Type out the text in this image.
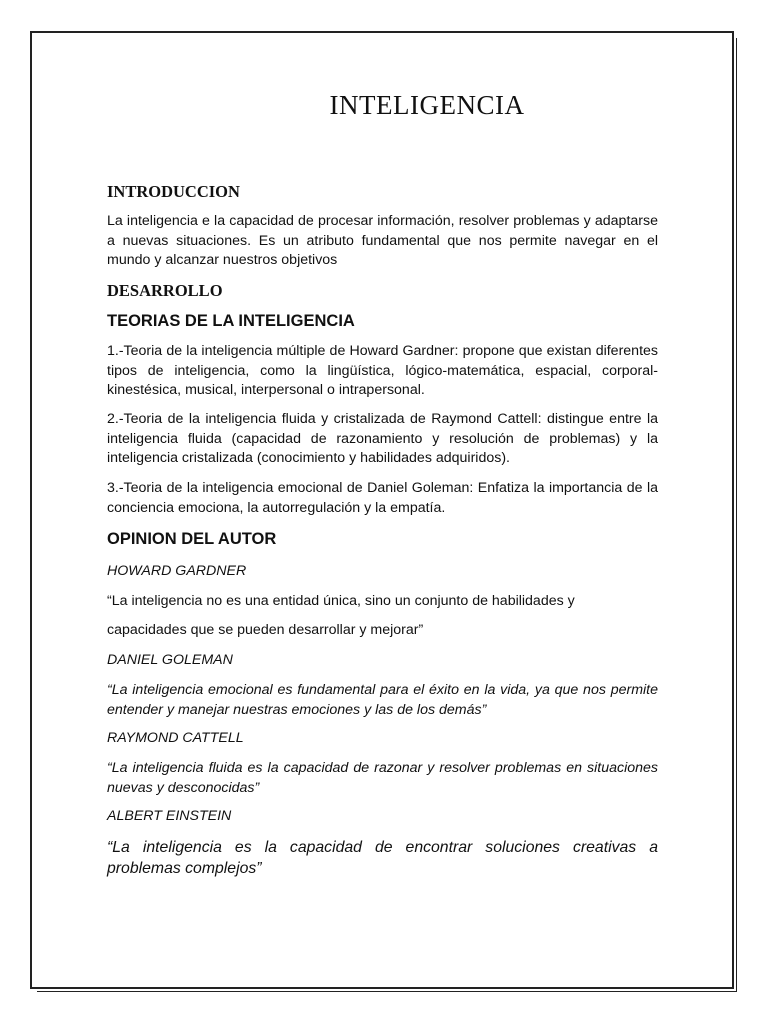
INTELIGENCIA
INTRODUCCION

La inteligencia e la capacidad de procesar información, resolver problemas y adaptarse a nuevas situaciones. Es un atributo fundamental que nos permite navegar en el mundo y alcanzar nuestros objetivos

DESARROLLO
TEORIAS DE LA INTELIGENCIA

1.-Teoria de la inteligencia múltiple de Howard Gardner: propone que existan diferentes tipos de inteligencia, como la lingüística, lógico-matemática, espacial, corporal-kinestésica, musical, interpersonal o intrapersonal.

2.-Teoria de la inteligencia fluida y cristalizada de Raymond Cattell: distingue entre la inteligencia fluida (capacidad de razonamiento y resolución de problemas) y la inteligencia cristalizada (conocimiento y habilidades adquiridos).

3.-Teoria de la inteligencia emocional de Daniel Goleman: Enfatiza la importancia de la conciencia emociona, la autorregulación y la empatía.

OPINION DEL AUTOR

HOWARD GARDNER

“La inteligencia no es una entidad única, sino un conjunto de habilidades y

capacidades que se pueden desarrollar y mejorar”

DANIEL GOLEMAN

“La inteligencia emocional es fundamental para el éxito en la vida, ya que nos permite entender y manejar nuestras emociones y las de los demás”

RAYMOND CATTELL

“La inteligencia fluida es la capacidad de razonar y resolver problemas en situaciones nuevas y desconocidas”

ALBERT EINSTEIN

“La inteligencia es la capacidad de encontrar soluciones creativas a problemas complejos”
